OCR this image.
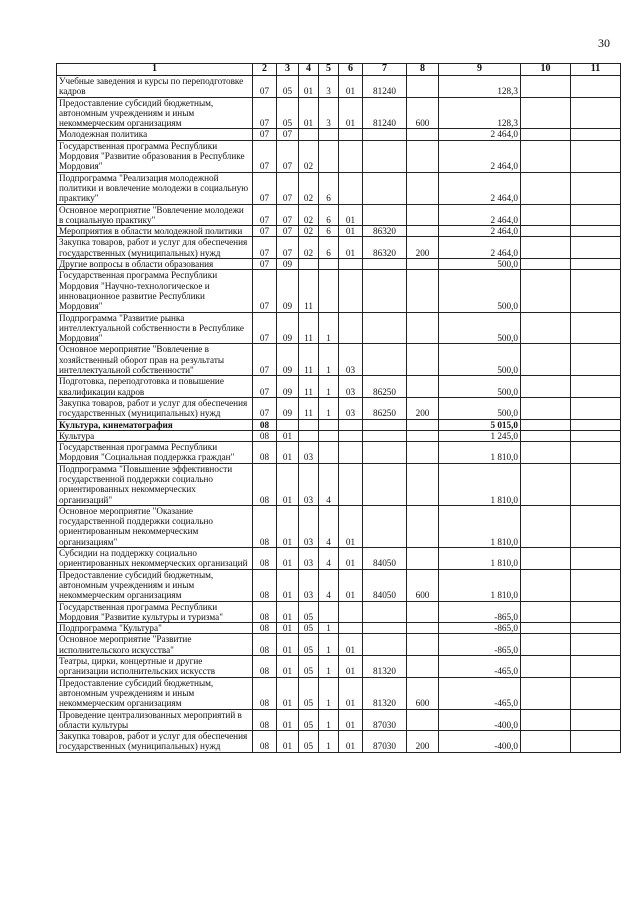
30
1	2	3	4	5	6	7	8	9	10	11
Учебные заведения и курсы по переподготовке кадров	07	05	01	3	01	81240		128,3		
Предоставление субсидий бюджетным, автономным учреждениям и иным некоммерческим организациям	07	05	01	3	01	81240	600	128,3		
Молодежная политика	07	07						2 464,0		
Государственная программа Республики Мордовия "Развитие образования в Республике Мордовия"	07	07	02					2 464,0		
Подпрограмма "Реализация молодежной политики и вовлечение молодежи в социальную практику"	07	07	02	6				2 464,0		
Основное мероприятие "Вовлечение молодежи в социальную практику"	07	07	02	6	01			2 464,0		
Мероприятия в области молодежной политики	07	07	02	6	01	86320		2 464,0		
Закупка товаров, работ и услуг для обеспечения государственных (муниципальных) нужд	07	07	02	6	01	86320	200	2 464,0		
Другие вопросы в области образования	07	09						500,0		
Государственная программа Республики Мордовия "Научно-технологическое и инновационное развитие Республики Мордовия"	07	09	11					500,0		
Подпрограмма "Развитие рынка интеллектуальной собственности в Республике Мордовия"	07	09	11	1				500,0		
Основное мероприятие "Вовлечение в хозяйственный оборот прав на результаты интеллектуальной собственности"	07	09	11	1	03			500,0		
Подготовка, переподготовка и повышение квалификации кадров	07	09	11	1	03	86250		500,0		
Закупка товаров, работ и услуг для обеспечения государственных (муниципальных) нужд	07	09	11	1	03	86250	200	500,0		
Культура, кинематография	08							5 015,0		
Культура	08	01						1 245,0		
Государственная программа Республики Мордовия "Социальная поддержка граждан"	08	01	03					1 810,0		
Подпрограмма "Повышение эффективности государственной поддержки социально ориентированных некоммерческих организаций"	08	01	03	4				1 810,0		
Основное мероприятие "Оказание государственной поддержки социально ориентированным некоммерческим организациям"	08	01	03	4	01			1 810,0		
Субсидии на поддержку социально ориентированных некоммерческих организаций	08	01	03	4	01	84050		1 810,0		
Предоставление субсидий бюджетным, автономным учреждениям и иным некоммерческим организациям	08	01	03	4	01	84050	600	1 810,0		
Государственная программа Республики Мордовия "Развитие культуры и туризма"	08	01	05					-865,0		
Подпрограмма "Культура"	08	01	05	1				-865,0		
Основное мероприятие "Развитие исполнительского искусства"	08	01	05	1	01			-865,0		
Театры, цирки, концертные и другие организации исполнительских искусств	08	01	05	1	01	81320		-465,0		
Предоставление субсидий бюджетным, автономным учреждениям и иным некоммерческим организациям	08	01	05	1	01	81320	600	-465,0		
Проведение централизованных мероприятий в области культуры	08	01	05	1	01	87030		-400,0		
Закупка товаров, работ и услуг для обеспечения государственных (муниципальных) нужд	08	01	05	1	01	87030	200	-400,0		
